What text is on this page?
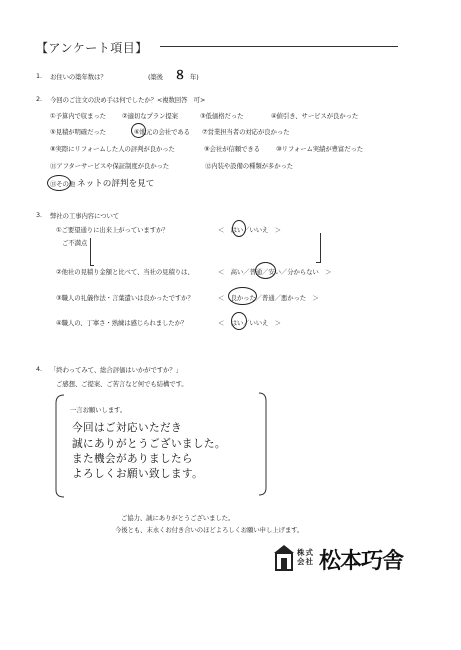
【アンケート項目】
1. お住いの築年数は？	(築後 ８ 年)
2. 今回のご注文の決め手は何でしたか？<複数回答　可>
①予算内で収まった	②適切なプラン提案	③低価格だった	④値引き、サービスが良かった
⑤見積が明確だった	⑥地元の会社である ⑦営業担当者の対応が良かった
⑧実際にリフォームした人の評判が良かった	⑨会社が信頼できる	⑩リフォーム実績が豊富だった
⑪アフターサービスや保証制度が良かった	⑫内装や設備の種類が多かった
⑬その他 ネットの評判を見て
3. 弊社の工事内容について
①ご要望通りに出来上がっていますか？	＜　はい／いいえ　＞
ご不満点
②他社の見積り金額と比べて、当社の見積りは、	＜　高い／普通／安い／分からない　＞
③職人の礼儀作法・言葉遣いは良かったですか？	＜　良かった／普通／悪かった　＞
④職人の、丁寧さ・熟練は感じられましたか？	＜　はい／いいえ　＞
4. 「終わってみて、総合評価はいかがですか？」
ご感想、ご提案、ご苦言など何でも結構です。
一言お願いします。
今回はご対応いただき
誠にありがとうございました。
また機会がありましたら
よろしくお願い致します。
ご協力、誠にありがとうございました。
今後とも、末永くお付き合いのほどよろしくお願い申し上げます。
株式会社 松本巧舎
